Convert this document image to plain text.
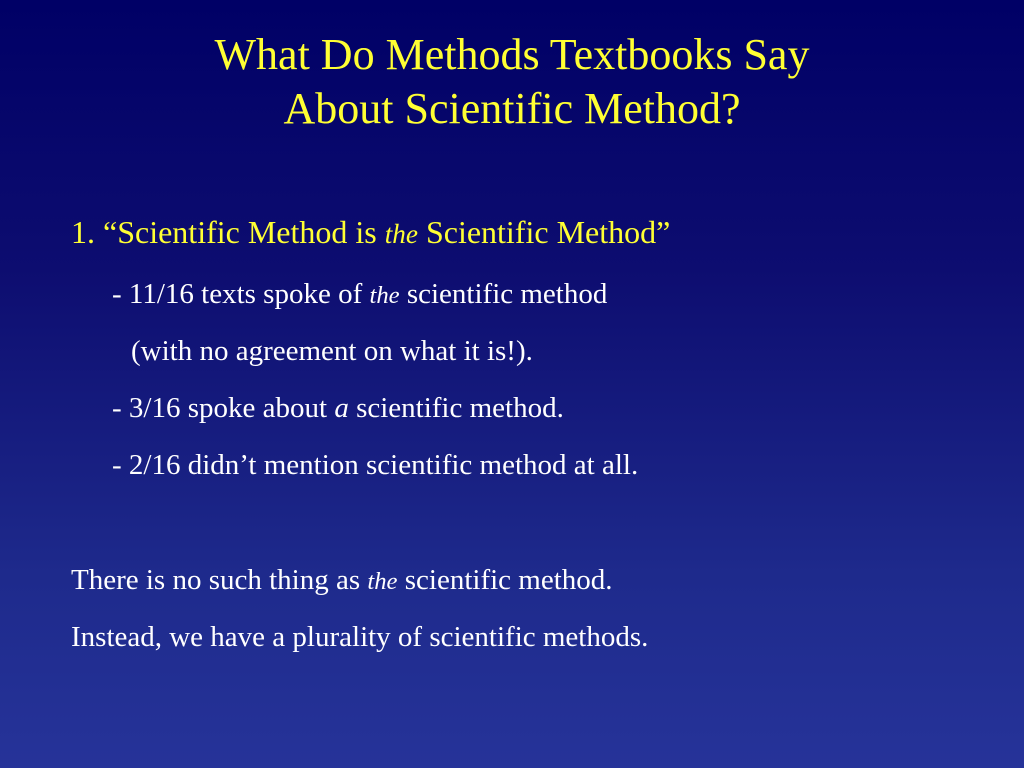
What Do Methods Textbooks Say
About Scientific Method?
1. “Scientific Method is the Scientific Method”
- 11/16 texts spoke of the scientific method
(with no agreement on what it is!).
- 3/16 spoke about a scientific method.
- 2/16 didn’t mention scientific method at all.
There is no such thing as the scientific method.
Instead, we have a plurality of scientific methods.
